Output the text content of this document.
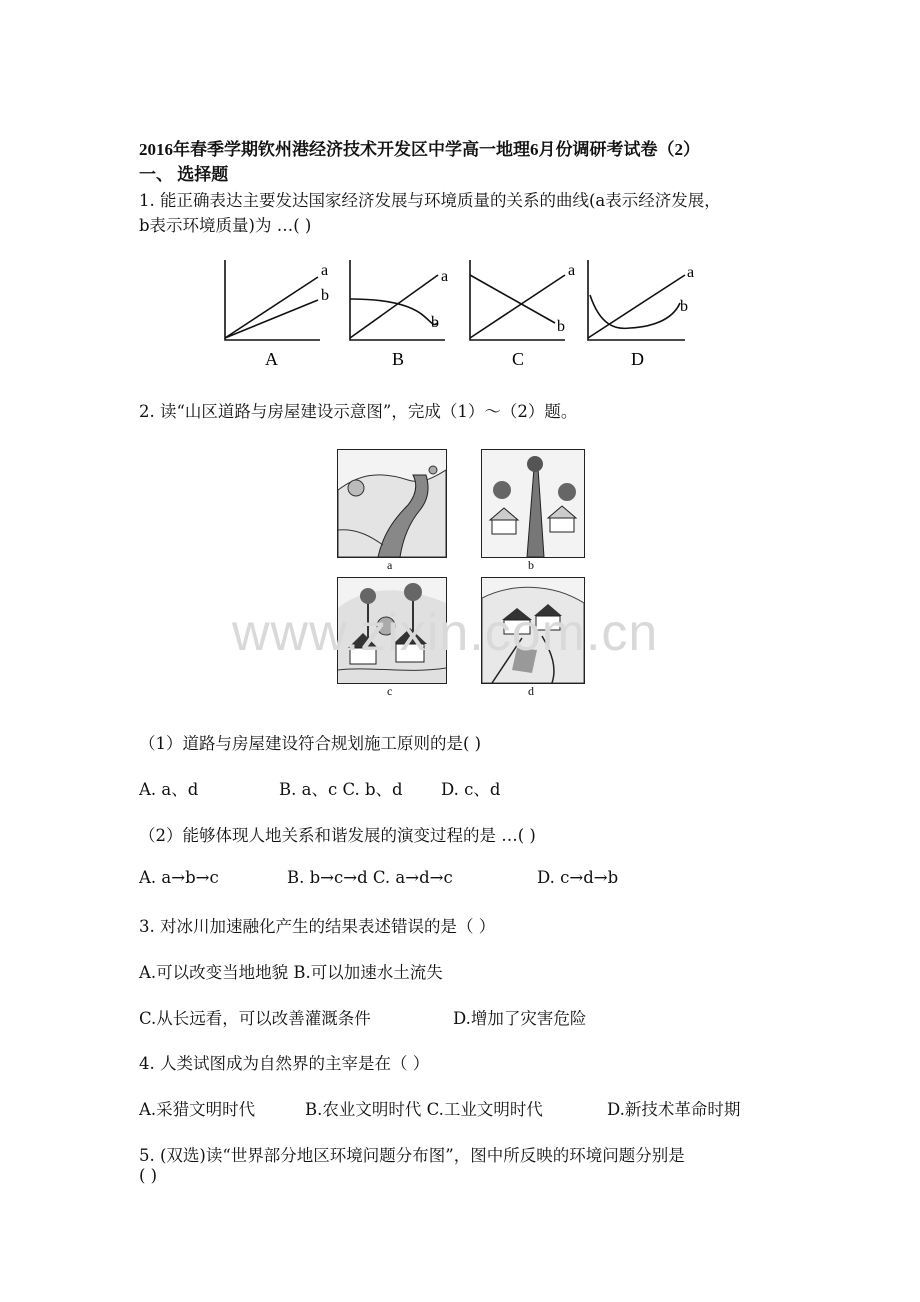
2016年春季学期钦州港经济技术开发区中学高一地理6月份调研考试卷（2）
一、 选择题
1. 能正确表达主要发达国家经济发展与环境质量的关系的曲线(a表示经济发展，
b表示环境质量)为 …( )
a
b
A
a
b
B
a
b
C
a
b
D
2. 读“山区道路与房屋建设示意图”，完成（1）～（2）题。
a	b
c	d
www.zixin.com.cn
（1）道路与房屋建设符合规划施工原则的是( )
A. a、d	B. a、c C. b、d D. c、d
（2）能够体现人地关系和谐发展的演变过程的是 …( )
A. a→b→c	B. b→c→d C. a→d→c	D. c→d→b
3. 对冰川加速融化产生的结果表述错误的是（ ）
A.可以改变当地地貌 B.可以加速水土流失
C.从长远看，可以改善灌溉条件	D.增加了灾害危险
4. 人类试图成为自然界的主宰是在（ ）
A.采猎文明时代	B.农业文明时代 C.工业文明时代	D.新技术革命时期
5. (双选)读“世界部分地区环境问题分布图”，图中所反映的环境问题分别是
( )
